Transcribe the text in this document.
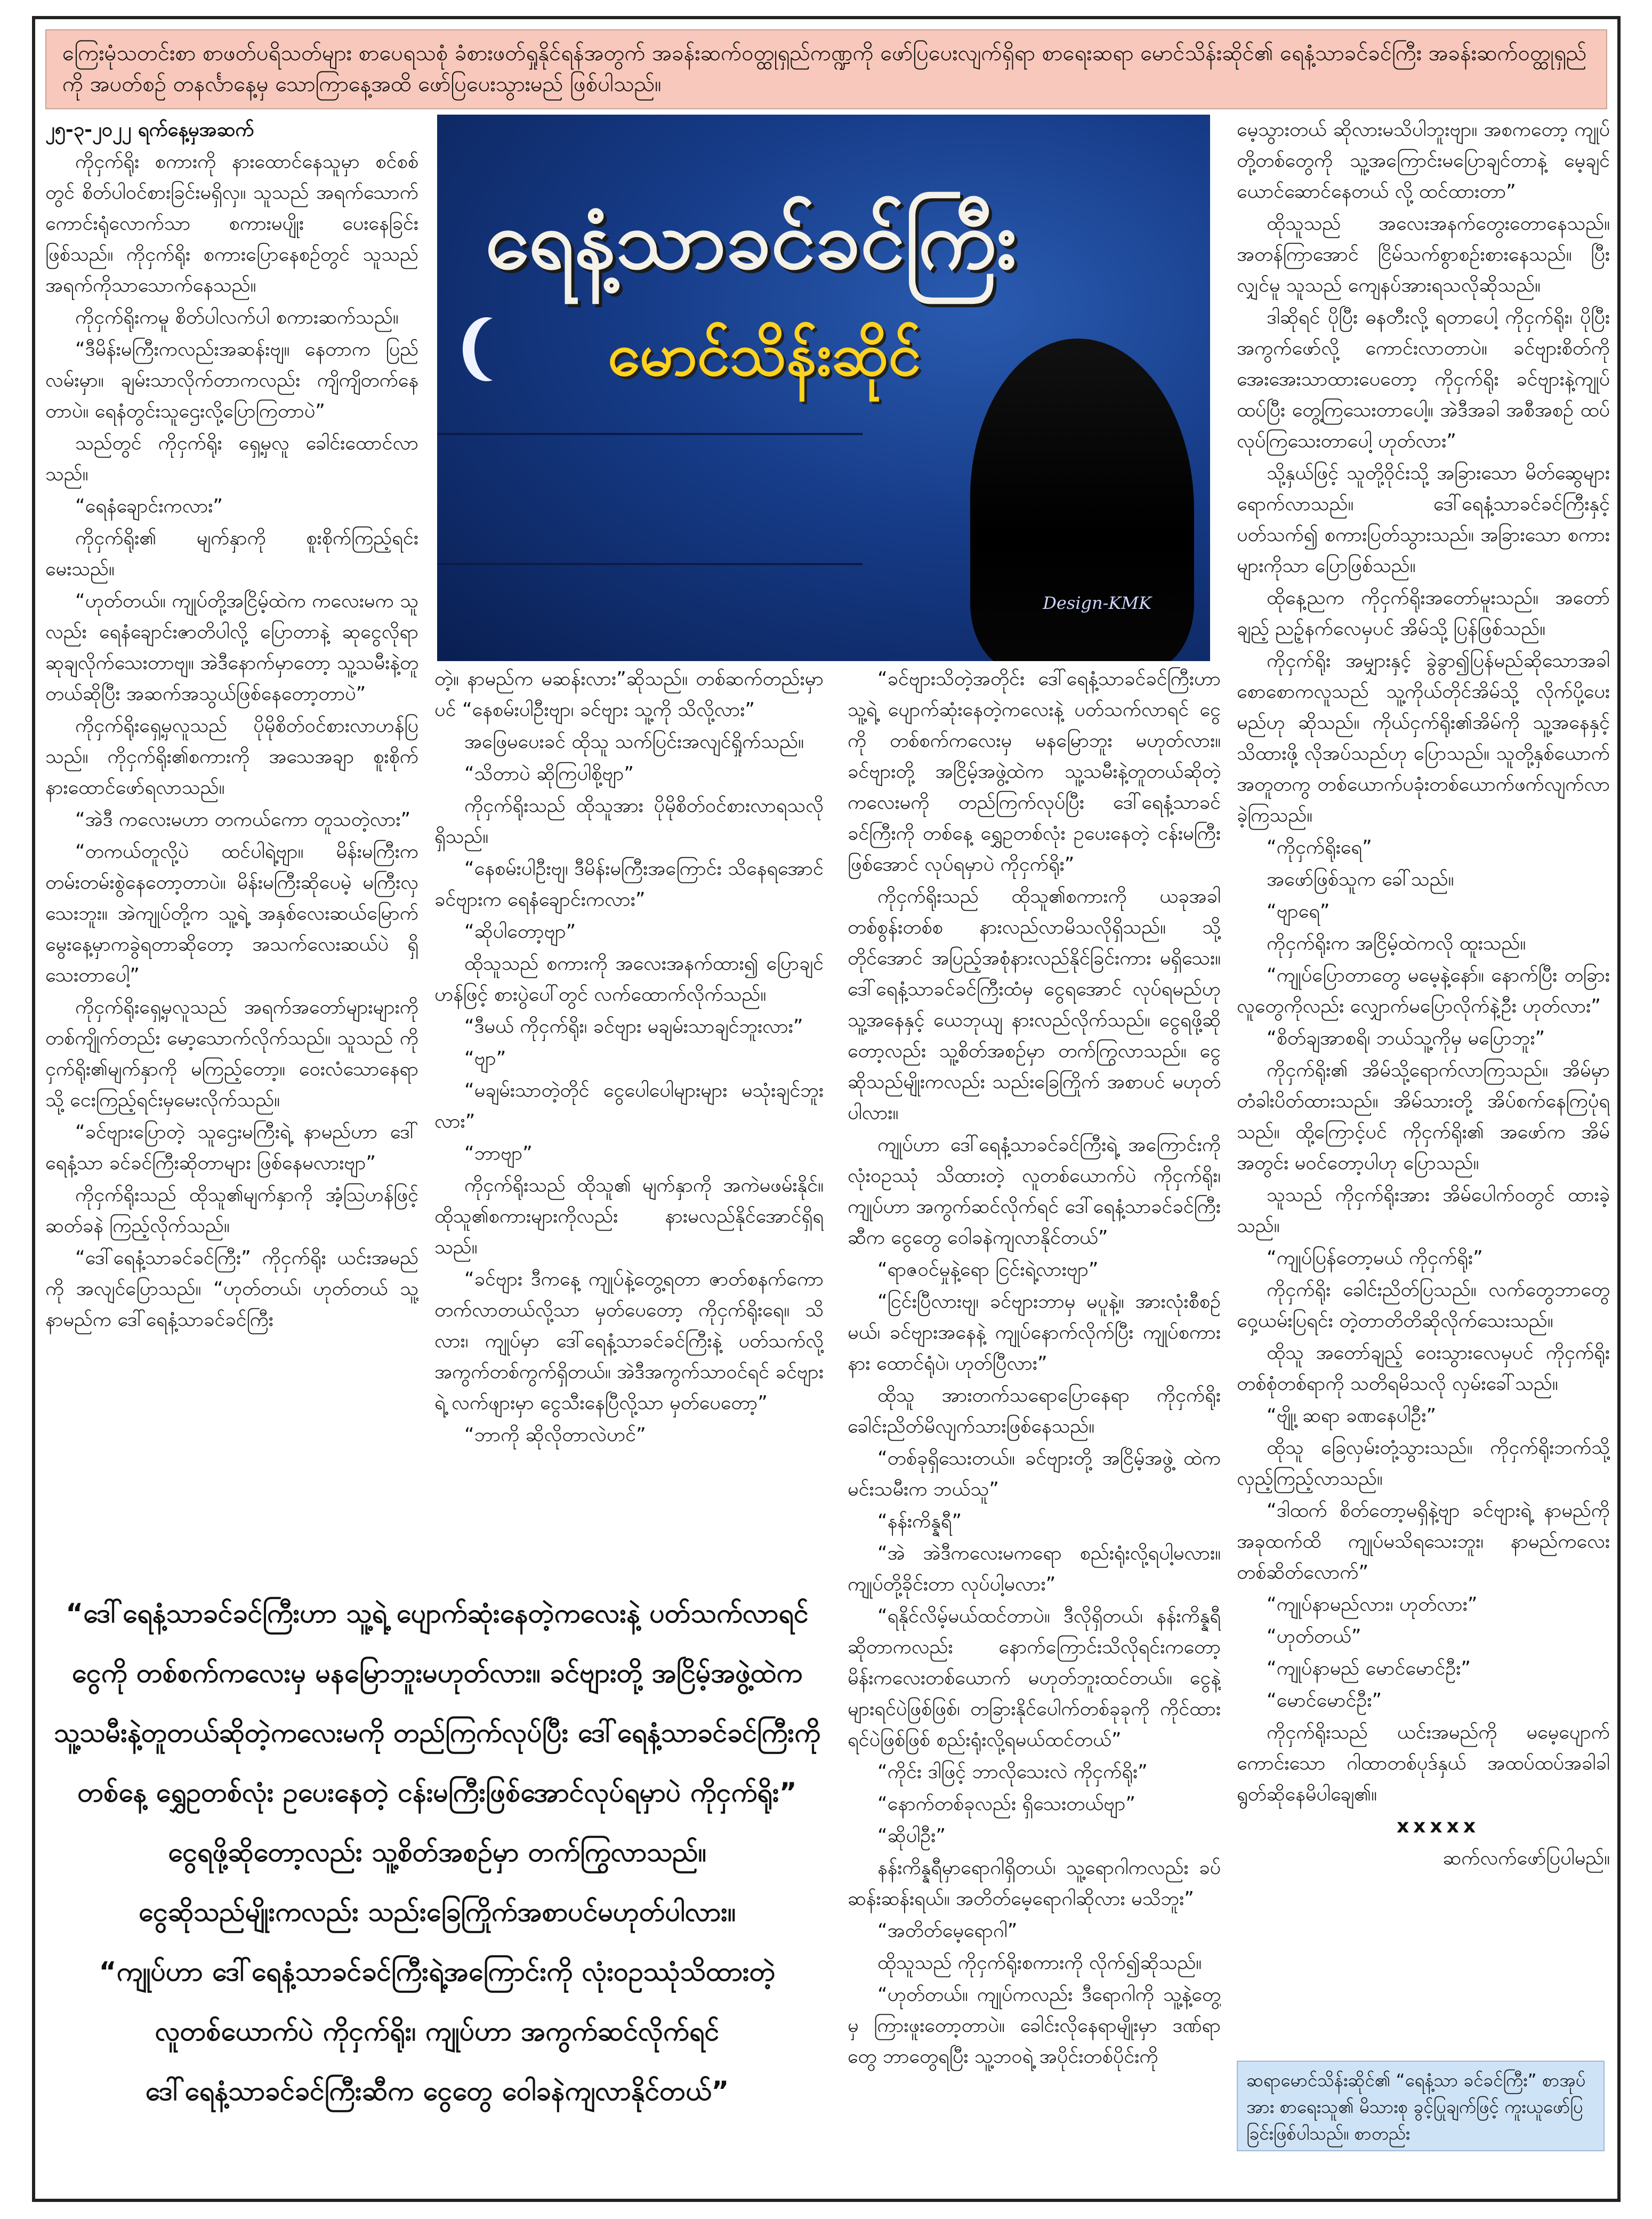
ကြေးမုံသတင်းစာ စာဖတ်ပရိသတ်များ စာပေရသစုံ ခံစားဖတ်ရှုနိုင်ရန်အတွက် အခန်းဆက်ဝတ္ထုရှည်ကဏ္ဍကို ဖော်ပြပေးလျက်ရှိရာ စာရေးဆရာ မောင်သိန်းဆိုင်၏ ရေနံ့သာခင်ခင်ကြီး အခန်းဆက်ဝတ္ထုရှည်ကို အပတ်စဉ် တနင်္လာနေ့မှ သောကြာနေ့အထိ ဖော်ပြပေးသွားမည် ဖြစ်ပါသည်။
ရေနံ့သာခင်ခင်ကြီး
မောင်သိန်းဆိုင်
Design-KMK

၂၅-၃-၂၀၂၂ ရက်နေ့မှအဆက်

ကိုငှက်ရိုး စကားကို နားထောင်နေသူမှာ စင်စစ်တွင် စိတ်ပါဝင်စားခြင်းမရှိလှ။ သူသည် အရက်သောက်ကောင်းရုံလောက်သာ စကားမပျိုး ပေးနေခြင်းဖြစ်သည်။ ကိုငှက်ရိုး စကားပြောနေစဉ်တွင် သူသည် အရက်ကိုသာသောက်နေသည်။

ကိုငှက်ရိုးကမူ စိတ်ပါလက်ပါ စကားဆက်သည်။

“ဒီမိန်းမကြီးကလည်းအဆန်းဗျ။ နေတာက ပြည်လမ်းမှာ။ ချမ်းသာလိုက်တာကလည်း ကျိကျိတက်နေတာပဲ။ ရေနံတွင်းသူဌေးလို့ပြောကြတာပဲ”

သည်တွင် ကိုငှက်ရိုး ရှေ့မှလူ ခေါင်းထောင်လာသည်။

“ရေနံချောင်းကလား”

ကိုငှက်ရိုး၏ မျက်နှာကို စူးစိုက်ကြည့်ရင်း မေးသည်။

“ဟုတ်တယ်။ ကျုပ်တို့အငြိမ့်ထဲက ကလေးမက သူလည်း ရေနံချောင်းဇာတိပါလို့ ပြောတာနဲ့ ဆုငွေလိုရာဆုချလိုက်သေးတာဗျ။ အဲဒီနောက်မှာတော့ သူ့သမီးနဲ့တူတယ်ဆိုပြီး အဆက်အသွယ်ဖြစ်နေတော့တာပဲ”

ကိုငှက်ရိုးရှေ့မှလူသည် ပိုမိုစိတ်ဝင်စားလာဟန်ပြသည်။ ကိုငှက်ရိုး၏စကားကို အသေအချာ စူးစိုက်နားထောင်ဖော်ရလာသည်။

“အဲဒီ ကလေးမဟာ တကယ်ကော တူသတဲ့လား”

“တကယ်တူလို့ပဲ ထင်ပါရဲ့ဗျာ။ မိန်းမကြီးက တမ်းတမ်းစွဲနေတော့တာပဲ။ မိန်းမကြီးဆိုပေမဲ့ မကြီးလှသေးဘူး။ အဲကျုပ်တို့က သူ့ရဲ့ အနှစ်လေးဆယ်မြောက် မွေးနေ့မှာကခွဲရတာဆိုတော့ အသက်လေးဆယ်ပဲ ရှိသေးတာပေါ့”

ကိုငှက်ရိုးရှေ့မှလူသည် အရက်အတော်များများကို တစ်ကျိုက်တည်း မော့သောက်လိုက်သည်။ သူသည် ကိုငှက်ရိုး၏မျက်နှာကို မကြည့်တော့။ ဝေးလံသောနေရာသို့ ငေးကြည့်ရင်းမှမေးလိုက်သည်။

“ခင်ဗျားပြောတဲ့ သူဌေးမကြီးရဲ့ နာမည်ဟာ ဒေါ်ရေနံ့သာ ခင်ခင်ကြီးဆိုတာများ ဖြစ်နေမလားဗျာ”

ကိုငှက်ရိုးသည် ထိုသူ၏မျက်နှာကို အံ့သြဟန်ဖြင့် ဆတ်ခနဲ ကြည့်လိုက်သည်။

“ဒေါ်ရေနံ့သာခင်ခင်ကြီး” ကိုငှက်ရိုး ယင်းအမည်ကို အလျင်ပြောသည်။ “ဟုတ်တယ်၊ ဟုတ်တယ် သူ့နာမည်က ဒေါ်ရေနံ့သာခင်ခင်ကြီး

တဲ့။ နာမည်က မဆန်းလား”ဆိုသည်။ တစ်ဆက်တည်းမှာပင် “နေစမ်းပါဦးဗျာ၊ ခင်ဗျား သူ့ကို သိလို့လား”

အဖြေမပေးခင် ထိုသူ သက်ပြင်းအလျင်ရှိုက်သည်။

“သိတာပဲ ဆိုကြပါစို့ဗျာ”

ကိုငှက်ရိုးသည် ထိုသူအား ပိုမိုစိတ်ဝင်စားလာရသလိုရှိသည်။

“နေစမ်းပါဦးဗျ၊ ဒီမိန်းမကြီးအကြောင်း သိနေရအောင် ခင်ဗျားက ရေနံချောင်းကလား”

“ဆိုပါတော့ဗျာ”

ထိုသူသည် စကားကို အလေးအနက်ထား၍ ပြောချင်ဟန်ဖြင့် စားပွဲပေါ်တွင် လက်ထောက်လိုက်သည်။

“ဒီမယ် ကိုငှက်ရိုး၊ ခင်ဗျား မချမ်းသာချင်ဘူးလား”

“ဗျာ”

“မချမ်းသာတဲ့တိုင် ငွေပေါပေါများများ မသုံးချင်ဘူးလား”

“ဘာဗျာ”

ကိုငှက်ရိုးသည် ထိုသူ၏ မျက်နှာကို အကဲမဖမ်းနိုင်။ ထိုသူ၏စကားများကိုလည်း နားမလည်နိုင်အောင်ရှိရသည်။

“ခင်ဗျား ဒီကနေ့ ကျုပ်နဲ့တွေ့ရတာ ဇာတ်စနက်ကော တက်လာတယ်လို့သာ မှတ်ပေတော့ ကိုငှက်ရိုးရေ။ သိလား၊ ကျုပ်မှာ ဒေါ်ရေနံ့သာခင်ခင်ကြီးနဲ့ ပတ်သက်လို့ အကွက်တစ်ကွက်ရှိတယ်။ အဲဒီအကွက်သာဝင်ရင် ခင်ဗျားရဲ့ လက်ဖျားမှာ ငွေသီးနေပြီလို့သာ မှတ်ပေတော့”

“ဘာကို ဆိုလိုတာလဲဟင်”

“ခင်ဗျားသိတဲ့အတိုင်း ဒေါ်ရေနံ့သာခင်ခင်ကြီးဟာ သူ့ရဲ့ ပျောက်ဆုံးနေတဲ့ကလေးနဲ့ ပတ်သက်လာရင် ငွေကို တစ်စက်ကလေးမှ မနမြောဘူး မဟုတ်လား။ ခင်ဗျားတို့ အငြိမ့်အဖွဲ့ထဲက သူ့သမီးနဲ့တူတယ်ဆိုတဲ့ ကလေးမကို တည်ကြက်လုပ်ပြီး ဒေါ်ရေနံ့သာခင်ခင်ကြီးကို တစ်နေ့ ရွှေဥတစ်လုံး ဥပေးနေတဲ့ ငန်းမကြီးဖြစ်အောင် လုပ်ရမှာပဲ ကိုငှက်ရိုး”

ကိုငှက်ရိုးသည် ထိုသူ၏စကားကို ယခုအခါ တစ်စွန်းတစ်စ နားလည်လာမိသလိုရှိသည်။ သို့တိုင်အောင် အပြည့်အစုံနားလည်နိုင်ခြင်းကား မရှိသေး။ ဒေါ်ရေနံ့သာခင်ခင်ကြီးထံမှ ငွေရအောင် လုပ်ရမည်ဟု သူ့အနေနှင့် ယေဘုယျ နားလည်လိုက်သည်။ ငွေရဖို့ဆိုတော့လည်း သူ့စိတ်အစဉ်မှာ တက်ကြွလာသည်။ ငွေဆိုသည်မျိုးကလည်း သည်းခြေကြိုက် အစာပင် မဟုတ်ပါလား။

ကျုပ်ဟာ ဒေါ်ရေနံ့သာခင်ခင်ကြီးရဲ့ အကြောင်းကို လုံးဝဥဿုံ သိထားတဲ့ လူတစ်ယောက်ပဲ ကိုငှက်ရိုး၊ ကျုပ်ဟာ အကွက်ဆင်လိုက်ရင် ဒေါ်ရေနံ့သာခင်ခင်ကြီးဆီက ငွေတွေ ဝေါခနဲကျလာနိုင်တယ်”

“ရာဇဝင်မှုနဲ့ရော ငြင်းရဲ့လားဗျာ”

“ငြင်းပြီလားဗျ၊ ခင်ဗျားဘာမှ မပူနဲ့။ အားလုံးစီစဉ်မယ်၊ ခင်ဗျားအနေနဲ့ ကျုပ်နောက်လိုက်ပြီး ကျုပ်စကားနား ထောင်ရုံပဲ၊ ဟုတ်ပြီလား”

ထိုသူ အားတက်သရောပြောနေရာ ကိုငှက်ရိုး ခေါင်းညိတ်မိလျက်သားဖြစ်နေသည်။

“တစ်ခုရှိသေးတယ်။ ခင်ဗျားတို့ အငြိမ့်အဖွဲ့ ထဲက မင်းသမီးက ဘယ်သူ”

“နန်းကိန္နရီ”

“အဲ အဲဒီကလေးမကရော စည်းရုံးလို့ရပါ့မလား။ ကျုပ်တို့ခိုင်းတာ လုပ်ပါ့မလား”

“ရနိုင်လိမ့်မယ်ထင်တာပဲ။ ဒီလိုရှိတယ်၊ နန်းကိန္နရီဆိုတာကလည်း နောက်ကြောင်းသိလိုရင်းကတော့ မိန်းကလေးတစ်ယောက် မဟုတ်ဘူးထင်တယ်။ ငွေနဲ့များရင်ပဲဖြစ်ဖြစ်၊ တခြားနိုင်ပေါက်တစ်ခုခုကို ကိုင်ထားရင်ပဲဖြစ်ဖြစ် စည်းရုံးလို့ရမယ်ထင်တယ်”

“ကိုင်း ဒါဖြင့် ဘာလိုသေးလဲ ကိုငှက်ရိုး”

“နောက်တစ်ခုလည်း ရှိသေးတယ်ဗျာ”

“ဆိုပါဦး”

နန်းကိန္နရီမှာရောဂါရှိတယ်၊ သူ့ရောဂါကလည်း ခပ်ဆန်းဆန်းရယ်။ အတိတ်မေ့ရောဂါဆိုလား မသိဘူး”

“အတိတ်မေ့ရောဂါ”

ထိုသူသည် ကိုငှက်ရိုးစကားကို လိုက်၍ဆိုသည်။

“ဟုတ်တယ်။ ကျုပ်ကလည်း ဒီရောဂါကို သူ့နဲ့တွေ့မှ ကြားဖူးတော့တာပဲ။ ခေါင်းလိုနေရာမျိုးမှာ ဒဏ်ရာတွေ ဘာတွေရပြီး သူ့ဘဝရဲ့ အပိုင်းတစ်ပိုင်းကို

မေ့သွားတယ် ဆိုလားမသိပါဘူးဗျာ။ အစကတော့ ကျုပ်တို့တစ်တွေကို သူ့အကြောင်းမပြောချင်တာနဲ့ မေ့ချင်ယောင်ဆောင်နေတယ် လို့ ထင်ထားတာ”

ထိုသူသည် အလေးအနက်တွေးတောနေသည်။ အတန်ကြာအောင် ငြိမ်သက်စွာစဉ်းစားနေသည်။ ပြီးလျှင်မူ သူသည် ကျေနပ်အားရသလိုဆိုသည်။

ဒါဆိုရင် ပိုပြီး ဓနတီးလို့ ရတာပေါ့ ကိုငှက်ရိုး၊ ပိုပြီးအကွက်ဖော်လို့ ကောင်းလာတာပဲ။ ခင်ဗျားစိတ်ကို အေးအေးသာထားပေတော့ ကိုငှက်ရိုး ခင်ဗျားနဲ့ကျုပ် ထပ်ပြီး တွေ့ကြသေးတာပေါ့။ အဲဒီအခါ အစီအစဉ် ထပ်လုပ်ကြသေးတာပေါ့ ဟုတ်လား”

သို့နှယ်ဖြင့် သူတို့ဝိုင်းသို့ အခြားသော မိတ်ဆွေများ ရောက်လာသည်။ ဒေါ်ရေနံ့သာခင်ခင်ကြီးနှင့် ပတ်သက်၍ စကားပြတ်သွားသည်။ အခြားသော စကားများကိုသာ ပြောဖြစ်သည်။

ထိုနေ့ညက ကိုငှက်ရိုးအတော်မူးသည်။ အတော်ချည့် ညဉ့်နက်လေမှပင် အိမ်သို့ ပြန်ဖြစ်သည်။

ကိုငှက်ရိုး အမျှားနှင့် ခွဲခွာ၍ပြန်မည်ဆိုသောအခါ စောစောကလူသည် သူ့ကိုယ်တိုင်အိမ်သို့ လိုက်ပို့ပေးမည်ဟု ဆိုသည်။ ကိုယ်ငှက်ရိုး၏အိမ်ကို သူ့အနေနှင့် သိထားဖို့ လိုအပ်သည်ဟု ပြောသည်။ သူတို့နှစ်ယောက် အတူတကွ တစ်ယောက်ပခုံးတစ်ယောက်ဖက်လျက်လာခဲ့ကြသည်။

“ကိုငှက်ရိုးရေ”

အဖော်ဖြစ်သူက ခေါ်သည်။

“ဗျာရေ”

ကိုငှက်ရိုးက အငြိမ့်ထဲကလို ထူးသည်။

“ကျုပ်ပြောတာတွေ မမေ့နဲ့နော်။ နောက်ပြီး တခြားလူတွေကိုလည်း လျှောက်မပြောလိုက်နဲ့ဦး ဟုတ်လား”

“စိတ်ချအာစရိ၊ ဘယ်သူ့ကိုမှ မပြောဘူး”

ကိုငှက်ရိုး၏ အိမ်သို့ရောက်လာကြသည်။ အိမ်မှာ တံခါးပိတ်ထားသည်။ အိမ်သားတို့ အိပ်စက်နေကြပုံရသည်။ ထို့ကြောင့်ပင် ကိုငှက်ရိုး၏ အဖော်က အိမ်အတွင်း မဝင်တော့ပါဟု ပြောသည်။

သူသည် ကိုငှက်ရိုးအား အိမ်ပေါက်ဝတွင် ထားခဲ့သည်။

“ကျုပ်ပြန်တော့မယ် ကိုငှက်ရိုး”

ကိုငှက်ရိုး ခေါင်းညိတ်ပြသည်။ လက်တွေဘာတွေ ဝှေ့ယမ်းပြရင်း တဲ့တာတိတိဆိုလိုက်သေးသည်။

ထိုသူ အတော်ချည့် ဝေးသွားလေမှပင် ကိုငှက်ရိုး တစ်စုံတစ်ရာကို သတိရမိသလို လှမ်းခေါ်သည်။

“ဗျို့၊ ဆရာ ခဏနေပါဦး”

ထိုသူ ခြေလှမ်းတုံ့သွားသည်။ ကိုငှက်ရိုးဘက်သို့ လှည့်ကြည့်လာသည်။

“ဒါထက် စိတ်တော့မရှိနဲ့ဗျာ ခင်ဗျားရဲ့ နာမည်ကို အခုထက်ထိ ကျုပ်မသိရသေးဘူး၊ နာမည်ကလေး တစ်ဆိတ်လောက်”

“ကျုပ်နာမည်လား၊ ဟုတ်လား”

“ဟုတ်တယ်”

“ကျုပ်နာမည် မောင်မောင်ဦး”

“မောင်မောင်ဦး”

ကိုငှက်ရိုးသည် ယင်းအမည်ကို မမေ့ပျောက်ကောင်းသော ဂါထာတစ်ပုဒ်နှယ် အထပ်ထပ်အခါခါ ရွတ်ဆိုနေမိပါချေ၏။

xxxxx

ဆက်လက်ဖော်ပြပါမည်။

“ဒေါ်ရေနံ့သာခင်ခင်ကြီးဟာ သူ့ရဲ့ ပျောက်ဆုံးနေတဲ့ကလေးနဲ့ ပတ်သက်လာရင်

ငွေကို တစ်စက်ကလေးမှ မနမြောဘူးမဟုတ်လား။ ခင်ဗျားတို့ အငြိမ့်အဖွဲ့ထဲက

သူ့သမီးနဲ့တူတယ်ဆိုတဲ့ကလေးမကို တည်ကြက်လုပ်ပြီး ဒေါ်ရေနံ့သာခင်ခင်ကြီးကို

တစ်နေ့ ရွှေဥတစ်လုံး ဥပေးနေတဲ့ ငန်းမကြီးဖြစ်အောင်လုပ်ရမှာပဲ ကိုငှက်ရိုး”

ငွေရဖို့ဆိုတော့လည်း သူ့စိတ်အစဉ်မှာ တက်ကြွလာသည်။

ငွေဆိုသည်မျိုးကလည်း သည်းခြေကြိုက်အစာပင်မဟုတ်ပါလား။

“ကျုပ်ဟာ ဒေါ်ရေနံ့သာခင်ခင်ကြီးရဲ့အကြောင်းကို လုံးဝဥဿုံသိထားတဲ့

လူတစ်ယောက်ပဲ ကိုငှက်ရိုး၊ ကျုပ်ဟာ အကွက်ဆင်လိုက်ရင်

ဒေါ်ရေနံ့သာခင်ခင်ကြီးဆီက ငွေတွေ ဝေါခနဲကျလာနိုင်တယ်”	ဆရာမောင်သိန်းဆိုင်၏ “ရေနံ့သာ ခင်ခင်ကြီး” စာအုပ်အား စာရေးသူ၏ မိသားစု ခွင့်ပြုချက်ဖြင့် ကူးယူဖော်ပြခြင်းဖြစ်ပါသည်။ စာတည်း
